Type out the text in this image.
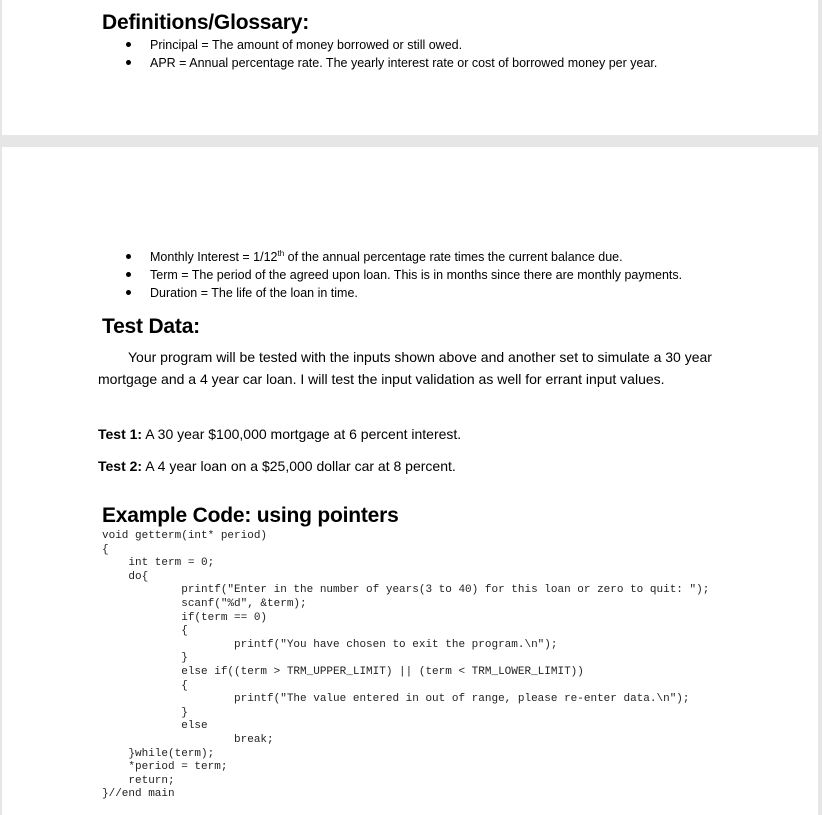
Definitions/Glossary:
Principal = The amount of money borrowed or still owed.
APR = Annual percentage rate. The yearly interest rate or cost of borrowed money per year.
Monthly Interest = 1/12th of the annual percentage rate times the current balance due.
Term = The period of the agreed upon loan. This is in months since there are monthly payments.
Duration = The life of the loan in time.
Test Data:

Your program will be tested with the inputs shown above and another set to simulate a 30 year mortgage and a 4 year car loan. I will test the input validation as well for errant input values.

Test 1: A 30 year $100,000 mortgage at 6 percent interest.

Test 2: A 4 year loan on a $25,000 dollar car at 8 percent.

Example Code: using pointers
void getterm(int* period)
{
int term = 0;
do{
printf("Enter in the number of years(3 to 40) for this loan or zero to quit: ");
scanf("%d", &term);
if(term == 0)
{
printf("You have chosen to exit the program.\n");
}
else if((term > TRM_UPPER_LIMIT) || (term < TRM_LOWER_LIMIT))
{
printf("The value entered in out of range, please re-enter data.\n");
}
else
break;
}while(term);
*period = term;
return;
}//end main
